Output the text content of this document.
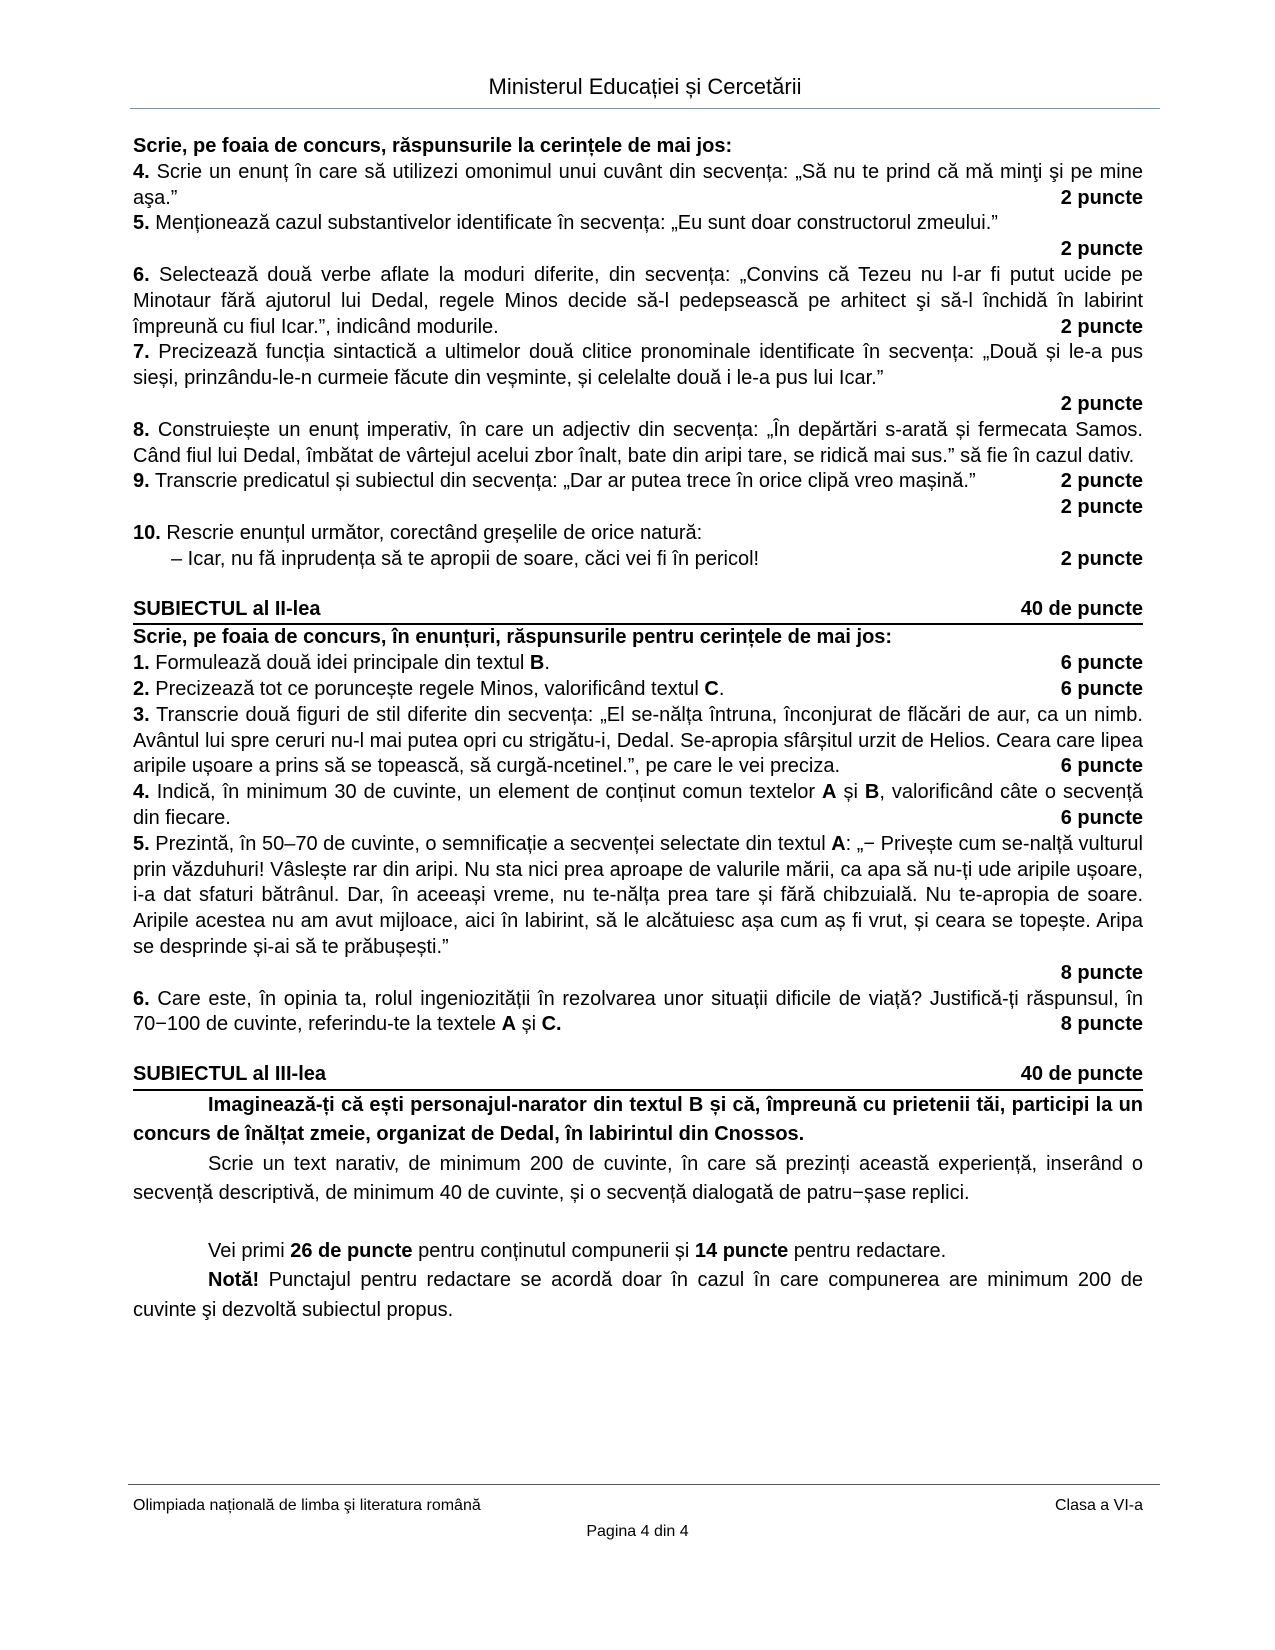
Ministerul Educației și Cercetării

Scrie, pe foaia de concurs, răspunsurile la cerințele de mai jos:

4. Scrie un enunț în care să utilizezi omonimul unui cuvânt din secvența: „Să nu te prind că mă minţi şi pe mine aşa.”	2 puncte

5. Menționează cazul substantivelor identificate în secvența: „Eu sunt doar constructorul zmeului.”

2 puncte

6. Selectează două verbe aflate la moduri diferite, din secvența: „Convins că Tezeu nu l-ar fi putut ucide pe Minotaur fără ajutorul lui Dedal, regele Minos decide să-l pedepsească pe arhitect şi să-l închidă în labirint împreună cu fiul Icar.”, indicând modurile.	2 puncte

7. Precizează funcția sintactică a ultimelor două clitice pronominale identificate în secvența: „Două și le-a pus sieși, prinzându-le-n curmeie făcute din veșminte, și celelalte două i le-a pus lui Icar.”

2 puncte

8. Construiește un enunț imperativ, în care un adjectiv din secvența: „În depărtări s-arată și fermecata Samos. Când fiul lui Dedal, îmbătat de vârtejul acelui zbor înalt, bate din aripi tare, se ridică mai sus.” să fie în cazul dativ.
2 puncte

9. Transcrie predicatul și subiectul din secvența: „Dar ar putea trece în orice clipă vreo mașină.”

2 puncte

10. Rescrie enunțul următor, corectând greșelile de orice natură:

– Icar, nu fă inprudența să te apropii de soare, căci vei fi în pericol!	2 puncte

SUBIECTUL al II-lea	40 de puncte

Scrie, pe foaia de concurs, în enunțuri, răspunsurile pentru cerințele de mai jos:

1. Formulează două idei principale din textul B.	6 puncte

2. Precizează tot ce poruncește regele Minos, valorificând textul C.	6 puncte

3. Transcrie două figuri de stil diferite din secvența: „El se-nălța întruna, înconjurat de flăcări de aur, ca un nimb. Avântul lui spre ceruri nu-l mai putea opri cu strigătu-i, Dedal. Se-apropia sfârșitul urzit de Helios. Ceara care lipea aripile ușoare a prins să se topească, să curgă-ncetinel.”, pe care le vei preciza.	6 puncte

4. Indică, în minimum 30 de cuvinte, un element de conținut comun textelor A și B, valorificând câte o secvență din fiecare.	6 puncte

5. Prezintă, în 50–70 de cuvinte, o semnificație a secvenței selectate din textul A: „− Privește cum se-nalță vulturul prin văzduhuri! Vâslește rar din aripi. Nu sta nici prea aproape de valurile mării, ca apa să nu-ți ude aripile ușoare, i-a dat sfaturi bătrânul. Dar, în aceeași vreme, nu te-nălța prea tare și fără chibzuială. Nu te-apropia de soare. Aripile acestea nu am avut mijloace, aici în labirint, să le alcătuiesc așa cum aș fi vrut, și ceara se topește. Aripa se desprinde și-ai să te prăbușești.”

8 puncte

6. Care este, în opinia ta, rolul ingeniozității în rezolvarea unor situații dificile de viață? Justifică-ți răspunsul, în 70−100 de cuvinte, referindu-te la textele A și C.	8 puncte

SUBIECTUL al III-lea	40 de puncte

Imaginează-ți că ești personajul-narator din textul B și că, împreună cu prietenii tăi, participi la un concurs de înălțat zmeie, organizat de Dedal, în labirintul din Cnossos.

Scrie un text narativ, de minimum 200 de cuvinte, în care să prezinți această experiență, inserând o secvență descriptivă, de minimum 40 de cuvinte, și o secvență dialogată de patru−șase replici.

Vei primi 26 de puncte pentru conținutul compunerii și 14 puncte pentru redactare.

Notă! Punctajul pentru redactare se acordă doar în cazul în care compunerea are minimum 200 de cuvinte şi dezvoltă subiectul propus.

Olimpiada națională de limba şi literatura română	Clasa a VI-a
Pagina 4 din 4
